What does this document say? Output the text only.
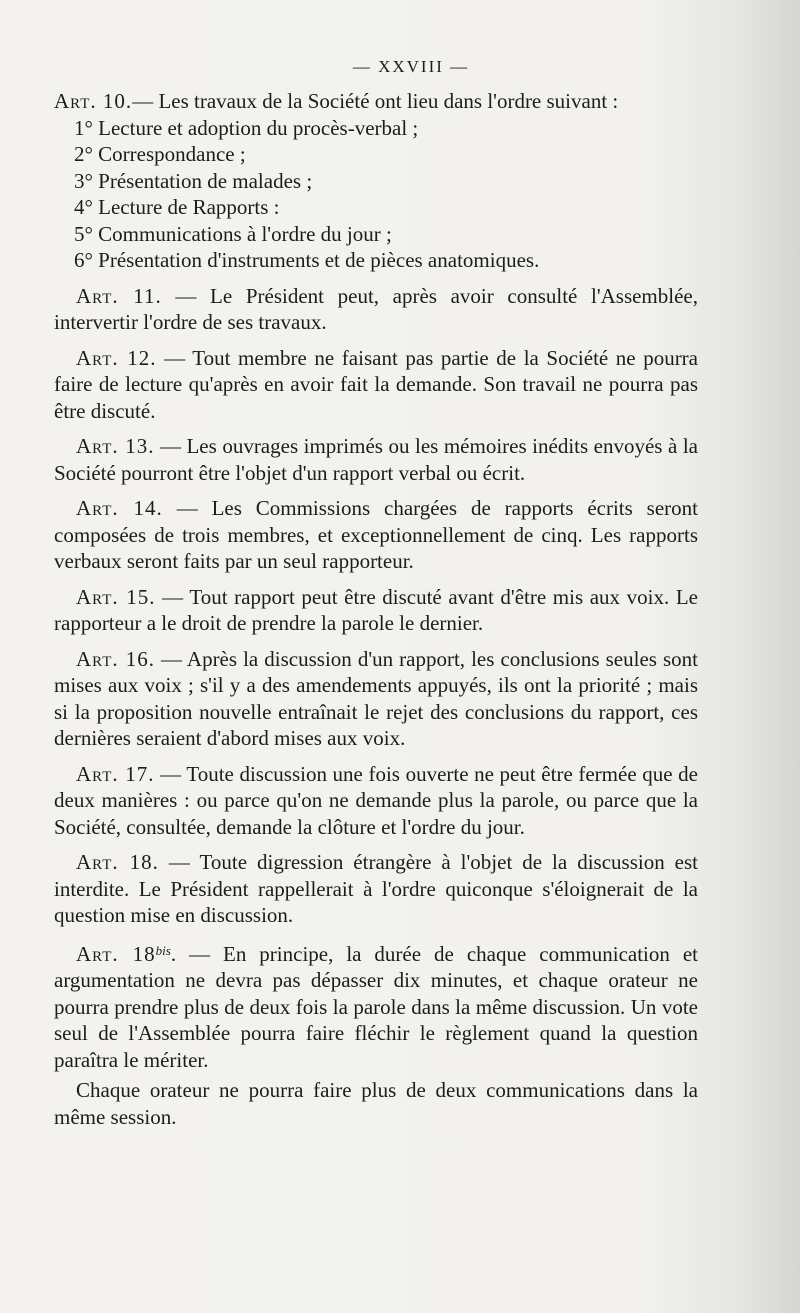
— XXVIII —

Art. 10.— Les travaux de la Société ont lieu dans l'ordre suivant :

1° Lecture et adoption du procès-verbal ;

2° Correspondance ;

3° Présentation de malades ;

4° Lecture de Rapports :

5° Communications à l'ordre du jour ;

6° Présentation d'instruments et de pièces anatomiques.

Art. 11. — Le Président peut, après avoir consulté l'Assemblée, intervertir l'ordre de ses travaux.

Art. 12. — Tout membre ne faisant pas partie de la Société ne pourra faire de lecture qu'après en avoir fait la demande. Son travail ne pourra pas être discuté.

Art. 13. — Les ouvrages imprimés ou les mémoires inédits envoyés à la Société pourront être l'objet d'un rapport verbal ou écrit.

Art. 14. — Les Commissions chargées de rapports écrits seront composées de trois membres, et exceptionnellement de cinq. Les rapports verbaux seront faits par un seul rapporteur.

Art. 15. — Tout rapport peut être discuté avant d'être mis aux voix. Le rapporteur a le droit de prendre la parole le dernier.

Art. 16. — Après la discussion d'un rapport, les conclusions seules sont mises aux voix ; s'il y a des amendements appuyés, ils ont la priorité ; mais si la proposition nouvelle entraînait le rejet des conclusions du rapport, ces dernières seraient d'abord mises aux voix.

Art. 17. — Toute discussion une fois ouverte ne peut être fermée que de deux manières : ou parce qu'on ne demande plus la parole, ou parce que la Société, consultée, demande la clôture et l'ordre du jour.

Art. 18. — Toute digression étrangère à l'objet de la discussion est interdite. Le Président rappellerait à l'ordre quiconque s'éloignerait de la question mise en discussion.

Art. $18^{bis}$. — En principe, la durée de chaque communication et argumentation ne devra pas dépasser dix minutes, et chaque orateur ne pourra prendre plus de deux fois la parole dans la même discussion. Un vote seul de l'Assemblée pourra faire fléchir le règlement quand la question paraîtra le mériter.

Chaque orateur ne pourra faire plus de deux communications dans la même session.
